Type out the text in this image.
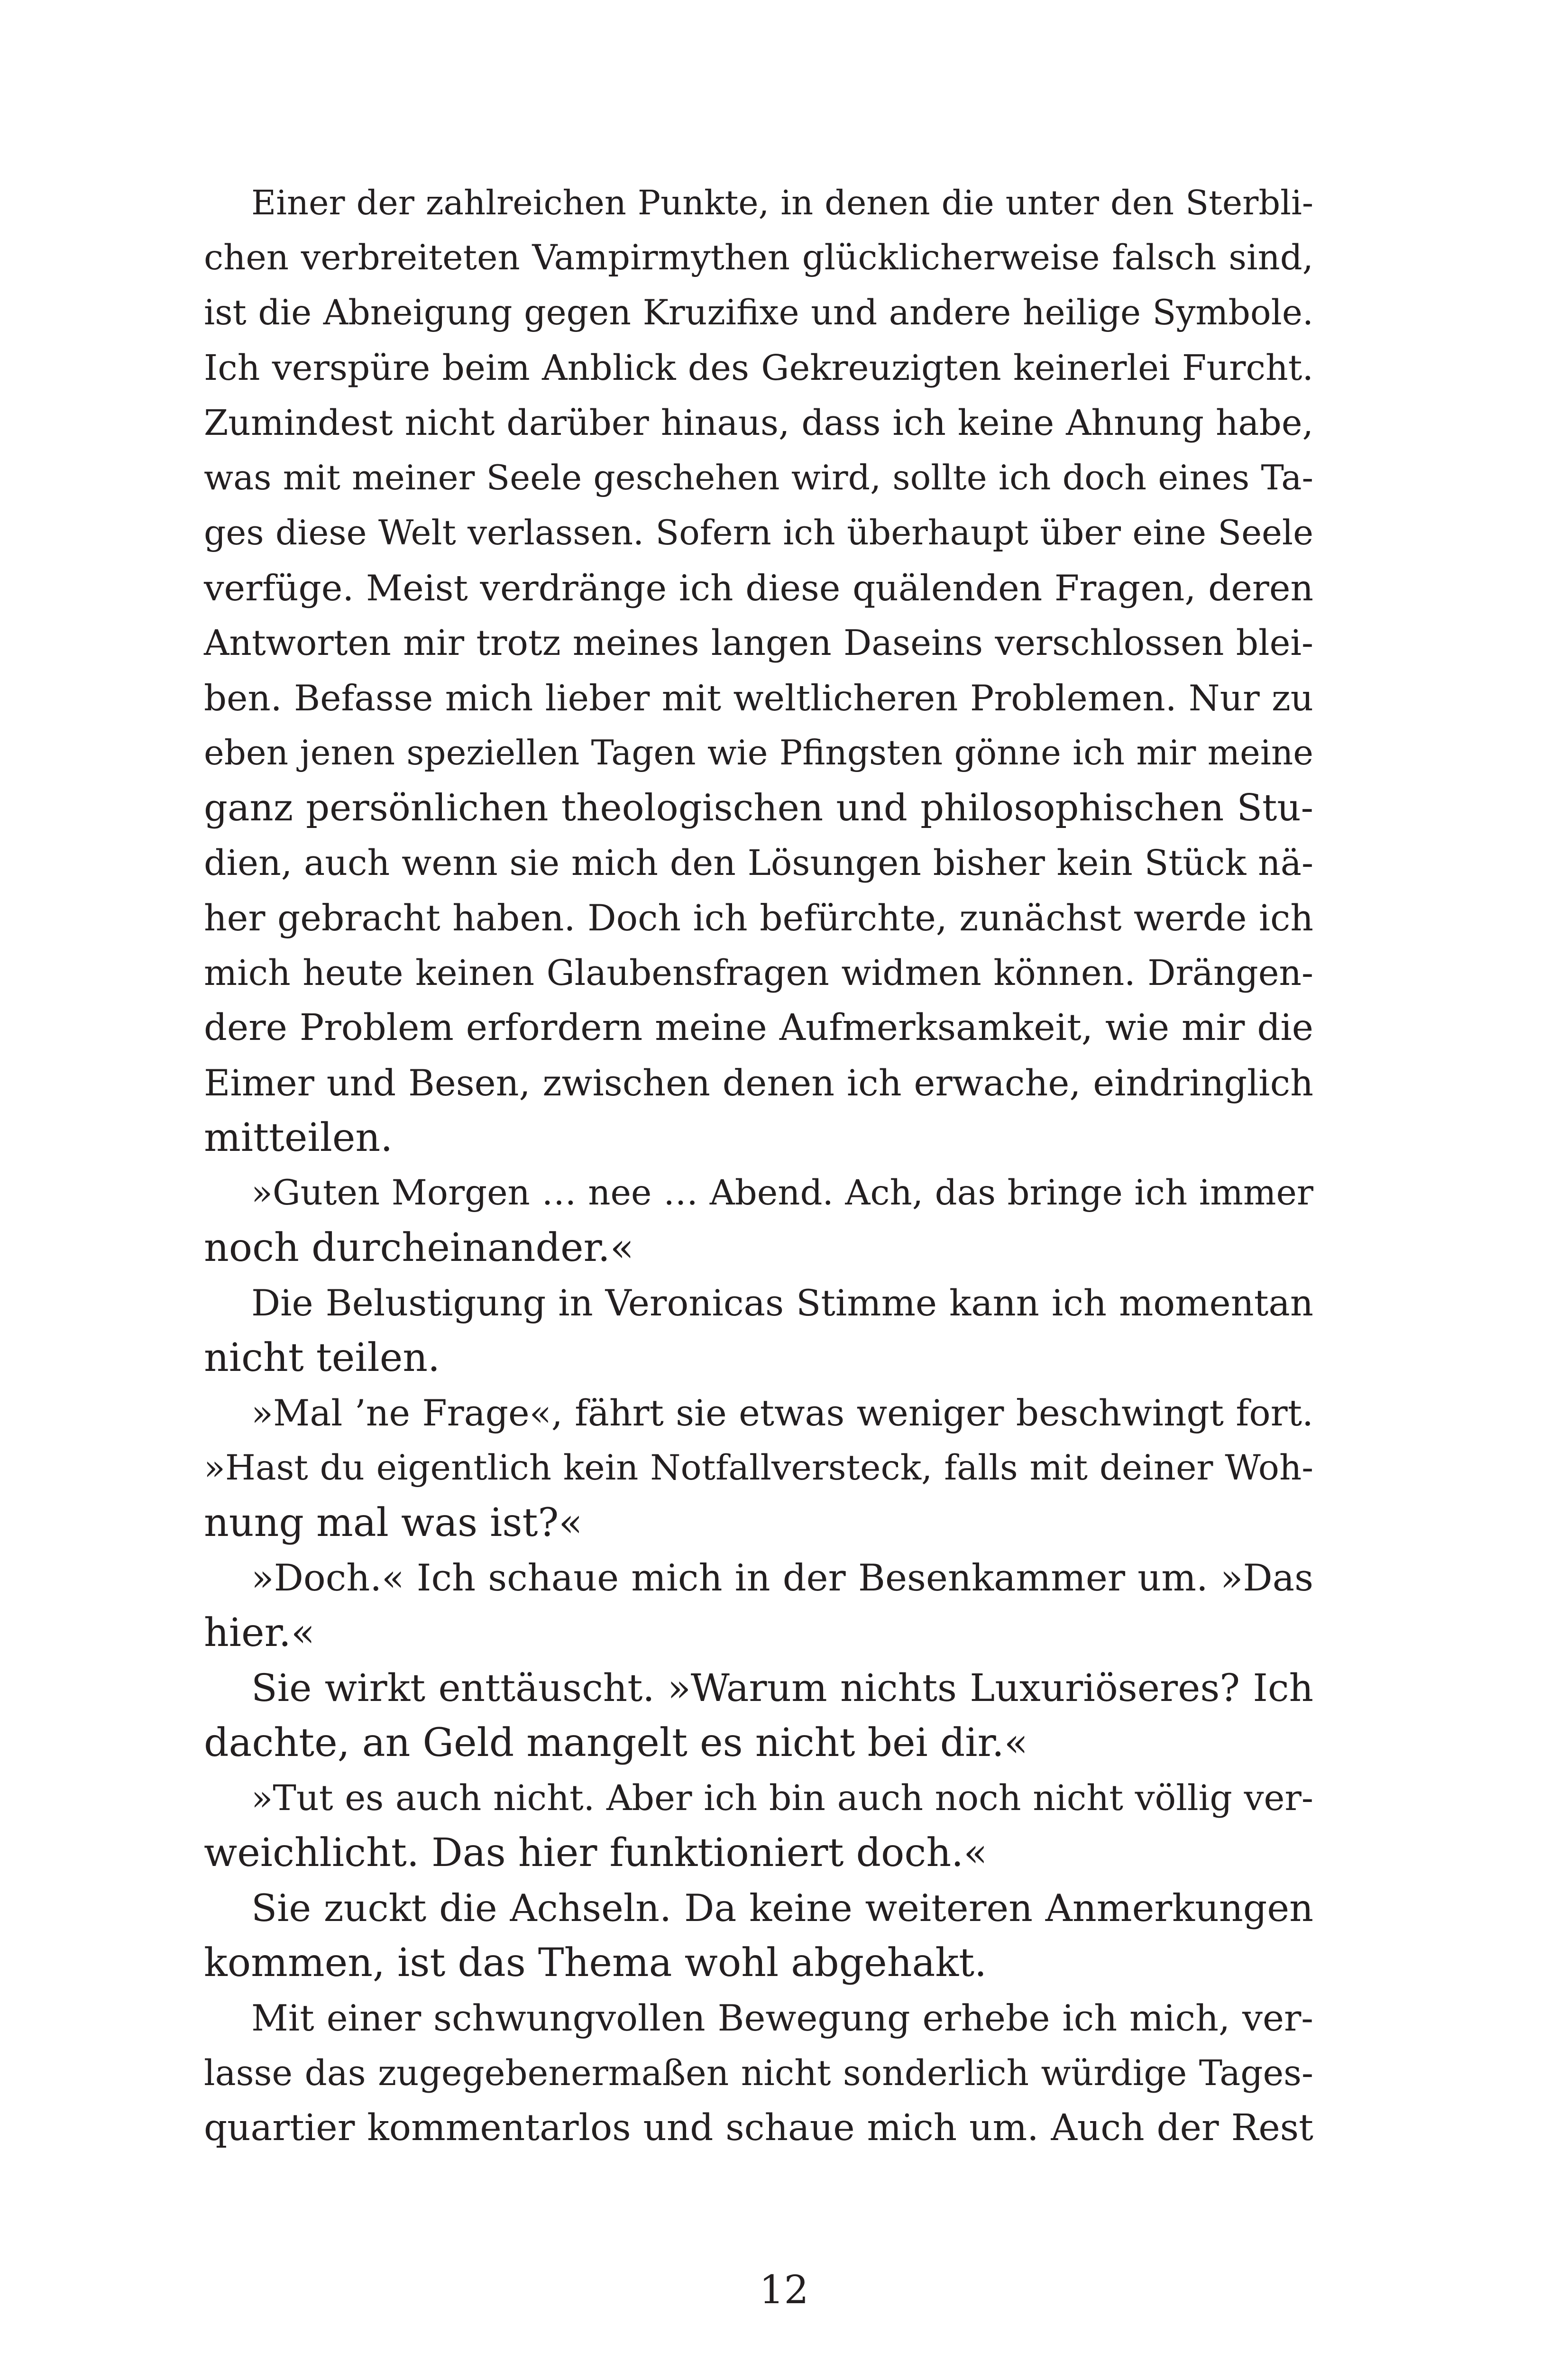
Einer der zahlreichen Punkte, in denen die unter den Sterbli-
chen verbreiteten Vampirmythen glücklicherweise falsch sind,
ist die Abneigung gegen Kruzifixe und andere heilige Symbole.
Ich verspüre beim Anblick des Gekreuzigten keinerlei Furcht.
Zumindest nicht darüber hinaus, dass ich keine Ahnung habe,
was mit meiner Seele geschehen wird, sollte ich doch eines Ta-
ges diese Welt verlassen. Sofern ich überhaupt über eine Seele
verfüge. Meist verdränge ich diese quälenden Fragen, deren
Antworten mir trotz meines langen Daseins verschlossen blei-
ben. Befasse mich lieber mit weltlicheren Problemen. Nur zu
eben jenen speziellen Tagen wie Pfingsten gönne ich mir meine
ganz persönlichen theologischen und philosophischen Stu-
dien, auch wenn sie mich den Lösungen bisher kein Stück nä-
her gebracht haben. Doch ich befürchte, zunächst werde ich
mich heute keinen Glaubensfragen widmen können. Drängen-
dere Problem erfordern meine Aufmerksamkeit, wie mir die
Eimer und Besen, zwischen denen ich erwache, eindringlich
mitteilen.
»Guten Morgen … nee … Abend. Ach, das bringe ich immer
noch durcheinander.«
Die Belustigung in Veronicas Stimme kann ich momentan
nicht teilen.
»Mal ’ne Frage«, fährt sie etwas weniger beschwingt fort.
»Hast du eigentlich kein Notfallversteck, falls mit deiner Woh-
nung mal was ist?«
»Doch.« Ich schaue mich in der Besenkammer um. »Das
hier.«
Sie wirkt enttäuscht. »Warum nichts Luxuriöseres? Ich
dachte, an Geld mangelt es nicht bei dir.«
»Tut es auch nicht. Aber ich bin auch noch nicht völlig ver-
weichlicht. Das hier funktioniert doch.«
Sie zuckt die Achseln. Da keine weiteren Anmerkungen
kommen, ist das Thema wohl abgehakt.
Mit einer schwungvollen Bewegung erhebe ich mich, ver-
lasse das zugegebenermaßen nicht sonderlich würdige Tages-
quartier kommentarlos und schaue mich um. Auch der Rest
12
